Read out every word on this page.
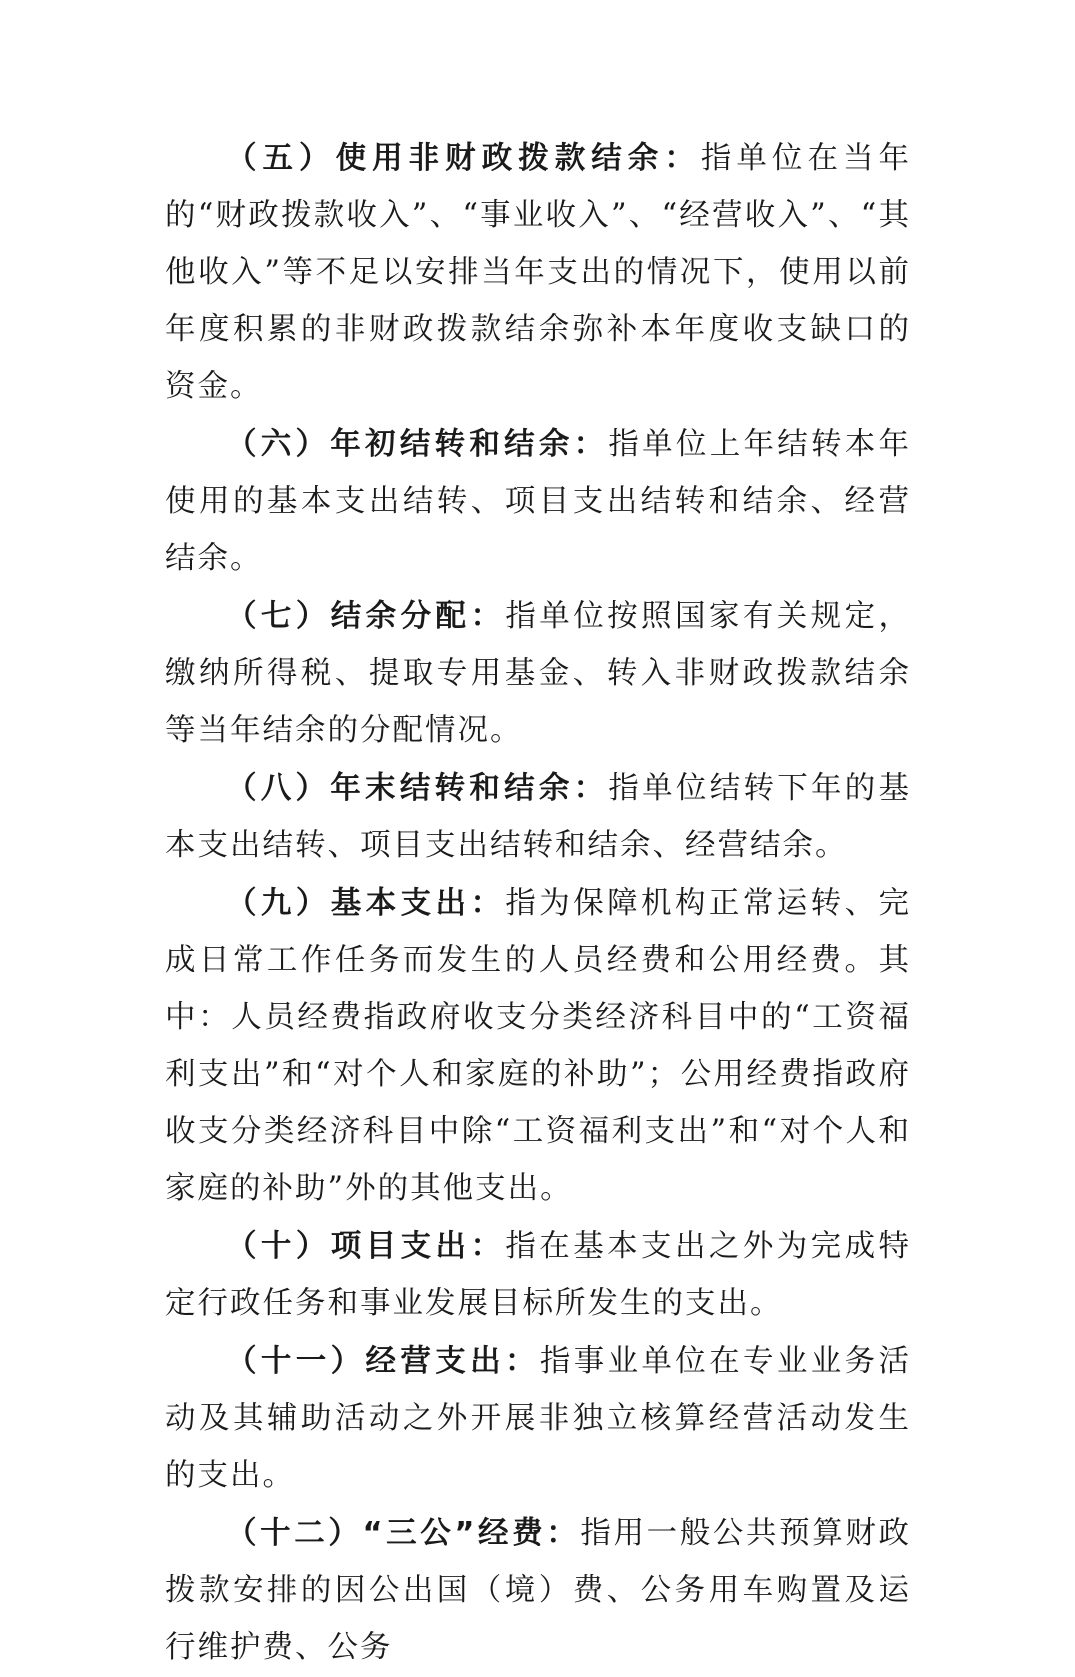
（五）使用非财政拨款结余：指单位在当年的“财政拨款收入”、“事业收入”、“经营收入”、“其他收入”等不足以安排当年支出的情况下，使用以前年度积累的非财政拨款结余弥补本年度收支缺口的资金。

（六）年初结转和结余：指单位上年结转本年使用的基本支出结转、项目支出结转和结余、经营结余。

（七）结余分配：指单位按照国家有关规定，缴纳所得税、提取专用基金、转入非财政拨款结余等当年结余的分配情况。

（八）年末结转和结余：指单位结转下年的基本支出结转、项目支出结转和结余、经营结余。

（九）基本支出：指为保障机构正常运转、完成日常工作任务而发生的人员经费和公用经费。其中：人员经费指政府收支分类经济科目中的“工资福利支出”和“对个人和家庭的补助”；公用经费指政府收支分类经济科目中除“工资福利支出”和“对个人和家庭的补助”外的其他支出。

（十）项目支出：指在基本支出之外为完成特定行政任务和事业发展目标所发生的支出。

（十一）经营支出：指事业单位在专业业务活动及其辅助活动之外开展非独立核算经营活动发生的支出。

（十二）“三公”经费：指用一般公共预算财政拨款安排的因公出国（境）费、公务用车购置及运行维护费、公务
